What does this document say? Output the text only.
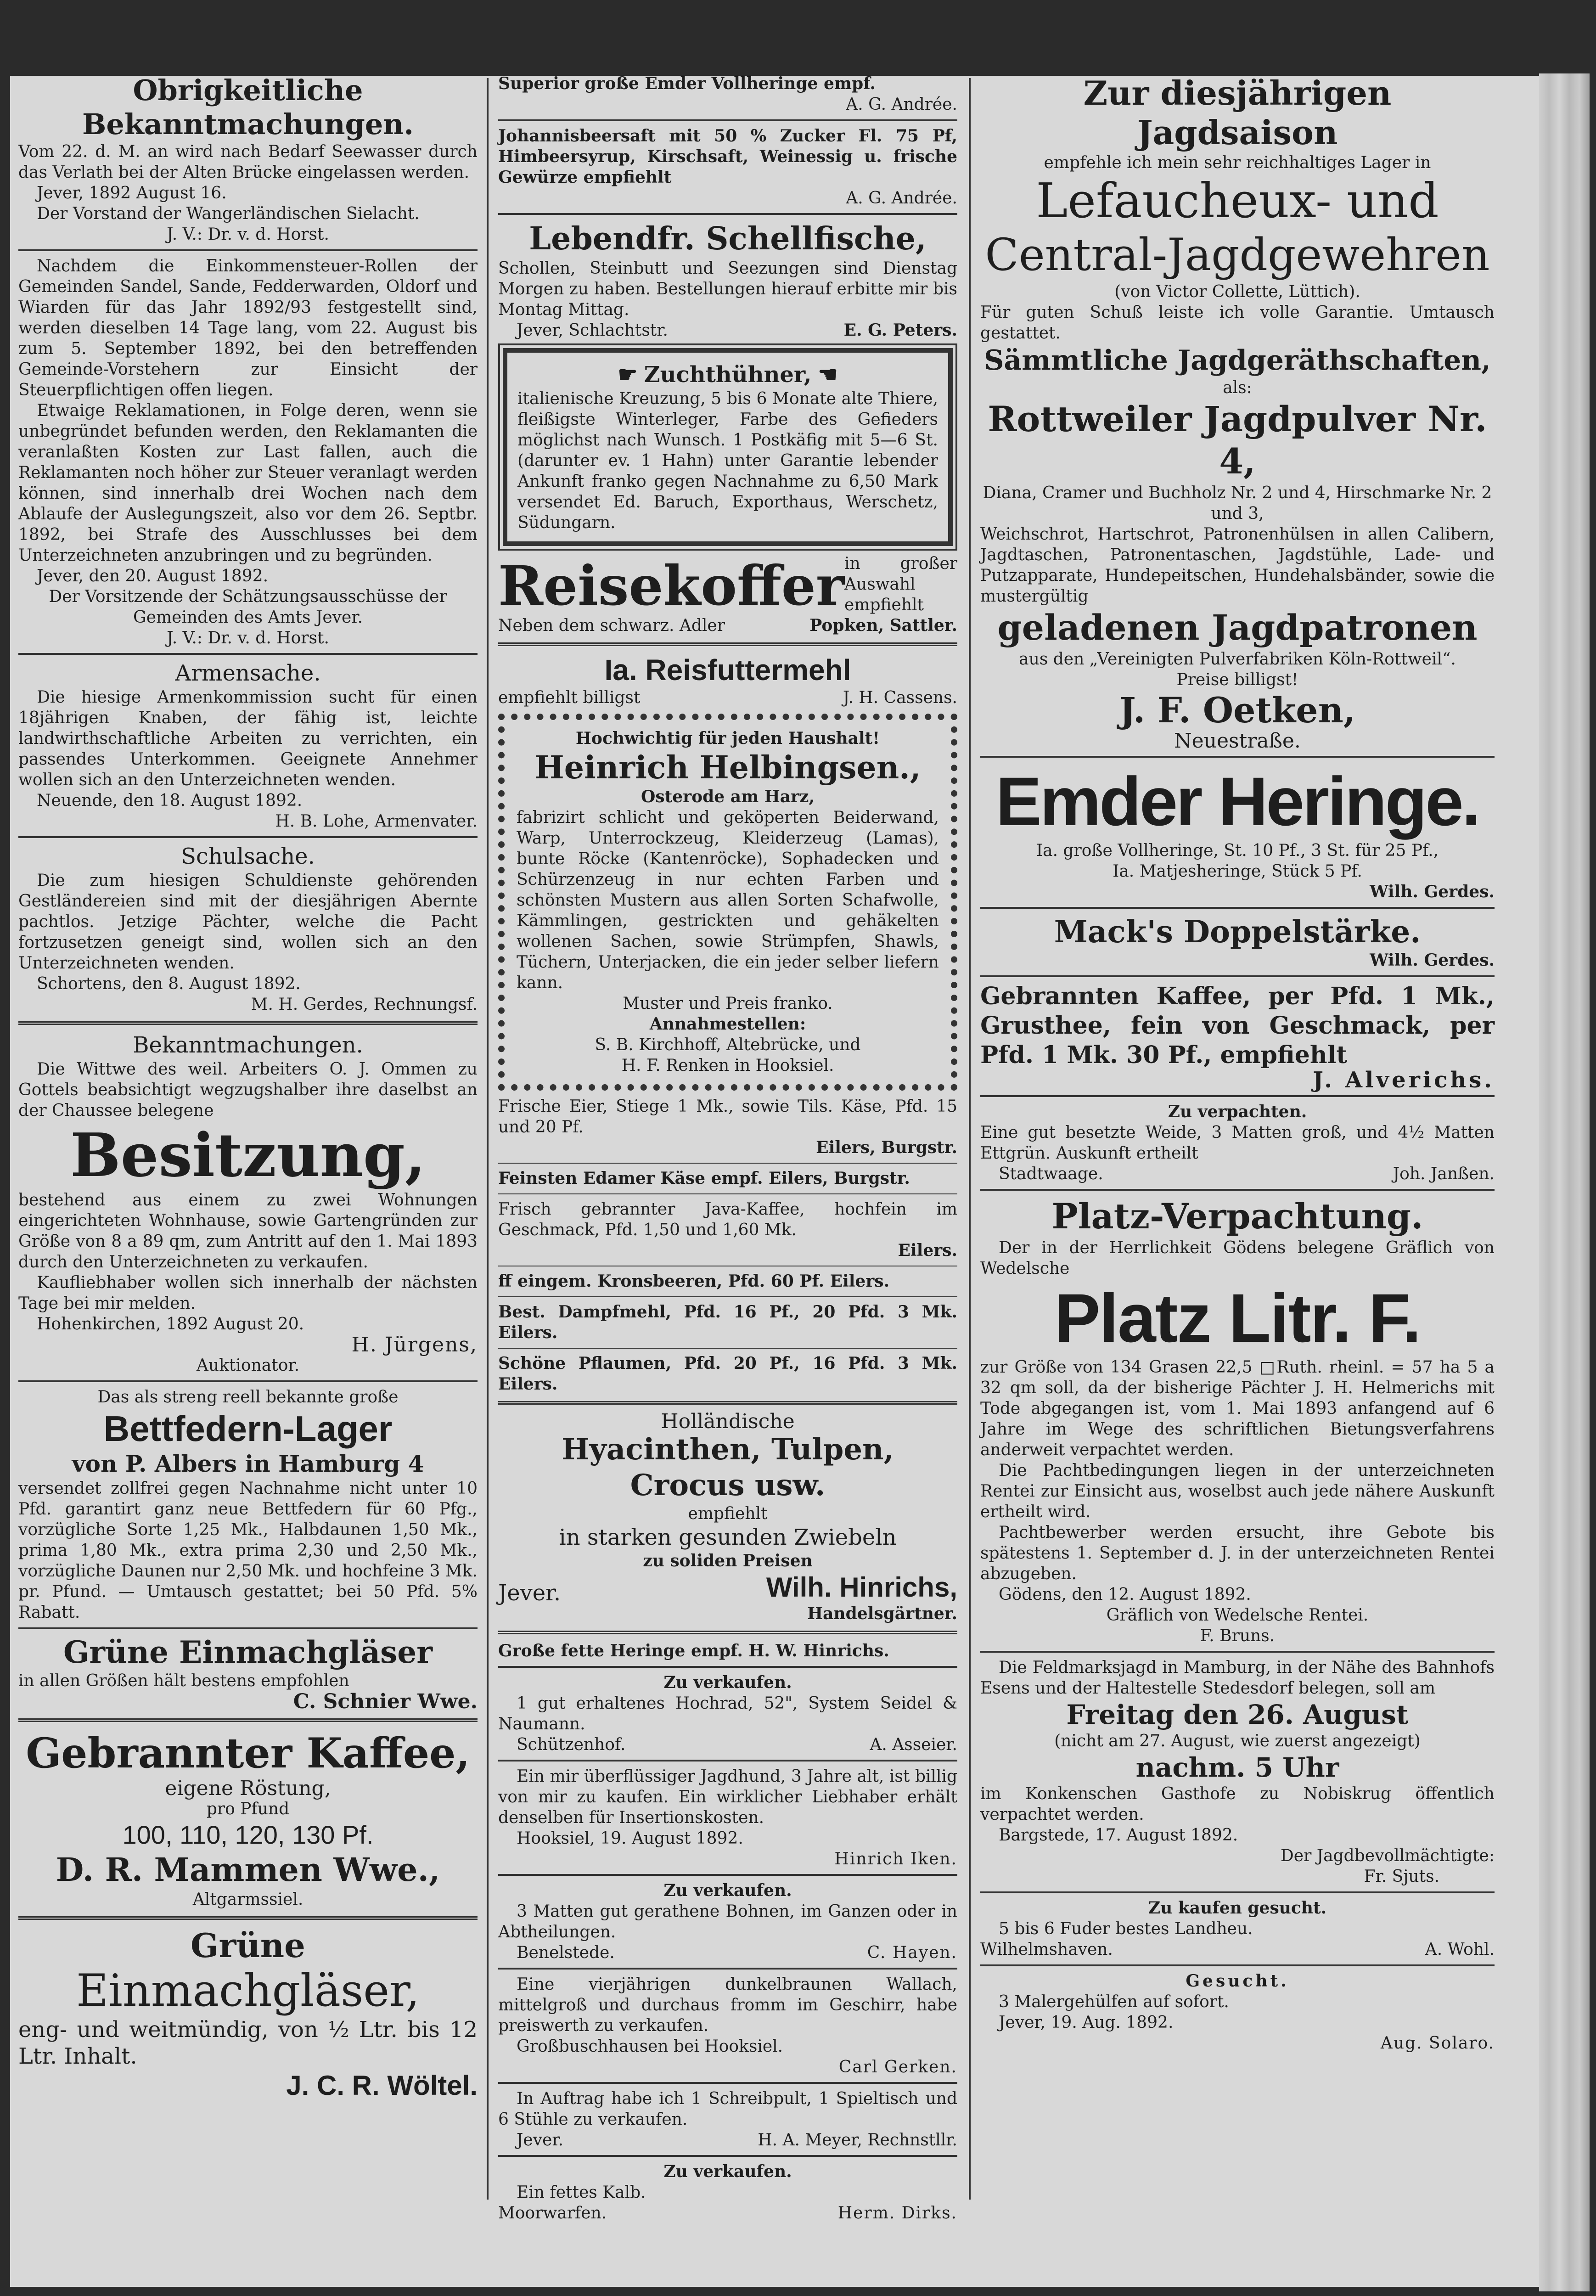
Obrigkeitliche Bekanntmachungen.
Vom 22. d. M. an wird nach Bedarf Seewasser durch das Verlath bei der Alten Brücke eingelassen werden.
Jever, 1892 August 16.
Der Vorstand der Wangerländischen Sielacht.
J. V.: Dr. v. d. Horst.
Nachdem die Einkommensteuer-Rollen der Gemeinden Sandel, Sande, Fedderwarden, Oldorf und Wiarden für das Jahr 1892/93 festgestellt sind, werden dieselben 14 Tage lang, vom 22. August bis zum 5. September 1892, bei den betreffenden Gemeinde-Vorstehern zur Einsicht der Steuerpflichtigen offen liegen.
Etwaige Reklamationen, in Folge deren, wenn sie unbegründet befunden werden, den Reklamanten die veranlaßten Kosten zur Last fallen, auch die Reklamanten noch höher zur Steuer veranlagt werden können, sind innerhalb drei Wochen nach dem Ablaufe der Auslegungszeit, also vor dem 26. Septbr. 1892, bei Strafe des Ausschlusses bei dem Unterzeichneten anzubringen und zu begründen.
Jever, den 20. August 1892.
Der Vorsitzende der Schätzungsausschüsse der Gemeinden des Amts Jever.
J. V.: Dr. v. d. Horst.
Armensache.
Die hiesige Armenkommission sucht für einen 18jährigen Knaben, der fähig ist, leichte landwirthschaftliche Arbeiten zu verrichten, ein passendes Unterkommen. Geeignete Annehmer wollen sich an den Unterzeichneten wenden.
Neuende, den 18. August 1892.
H. B. Lohe, Armenvater.
Schulsache.
Die zum hiesigen Schuldienste gehörenden Gestländereien sind mit der diesjährigen Aberntе pachtlos. Jetzige Pächter, welche die Pacht fortzusetzen geneigt sind, wollen sich an den Unterzeichneten wenden.
Schortens, den 8. August 1892.
M. H. Gerdes, Rechnungsf.
Bekanntmachungen.
Die Wittwe des weil. Arbeiters O. J. Ommen zu Gottels beabsichtigt wegzugshalber ihre daselbst an der Chaussee belegene
Besitzung,
bestehend aus einem zu zwei Wohnungen eingerichteten Wohnhause, sowie Gartengründen zur Größe von 8 a 89 qm, zum Antritt auf den 1. Mai 1893 durch den Unterzeichneten zu verkaufen.
Kaufliebhaber wollen sich innerhalb der nächsten Tage bei mir melden.
Hohenkirchen, 1892 August 20.
H. Jürgens,
Auktionator.
Das als streng reell bekannte große
Bettfedern-Lager
von P. Albers in Hamburg 4
versendet zollfrei gegen Nachnahme nicht unter 10 Pfd. garantirt ganz neue Bettfedern für 60 Pfg., vorzügliche Sorte 1,25 Mk., Halbdaunen 1,50 Mk., prima 1,80 Mk., extra prima 2,30 und 2,50 Mk., vorzügliche Daunen nur 2,50 Mk. und hochfeine 3 Mk. pr. Pfund. — Umtausch gestattet; bei 50 Pfd. 5% Rabatt.
Grüne Einmachgläser
in allen Größen hält bestens empfohlen
C. Schnier Wwe.
Gebrannter Kaffee,
eigene Röstung,
pro Pfund
100, 110, 120, 130 Pf.
D. R. Mammen Wwe.,
Altgarmssiel.
Grüne
Einmachgläser,
eng- und weitmündig, von ½ Ltr. bis 12 Ltr. Inhalt.
J. C. R. Wöltel.
Superior große Emder Vollheringe empf.
A. G. Andrée.
Johannisbeersaft mit 50 % Zucker Fl. 75 Pf, Himbeersyrup, Kirschsaft, Weinessig u. frische Gewürze empfiehlt
A. G. Andrée.
Lebendfr. Schellfische,
Schollen, Steinbutt und Seezungen sind Dienstag Morgen zu haben. Bestellungen hierauf erbitte mir bis Montag Mittag.
Jever, Schlachtstr.	E. G. Peters.
☛ Zuchthühner, ☚
italienische Kreuzung, 5 bis 6 Monate alte Thiere, fleißigste Winterleger, Farbe des Gefieders möglichst nach Wunsch. 1 Postkäfig mit 5—6 St. (darunter ev. 1 Hahn) unter Garantie lebender Ankunft franko gegen Nachnahme zu 6,50 Mark versendet Ed. Baruch, Exporthaus, Werschetz, Südungarn.
Reisekoffer in großer Auswahl empfiehlt
Neben dem schwarz. Adler	Popken, Sattler.
Ia. Reisfuttermehl
empfiehlt billigst	J. H. Cassens.
Hochwichtig für jeden Haushalt!
Heinrich Helbingsen.,
Osterode am Harz,
fabrizirt schlicht und geköperten Beiderwand, Warp, Unterrockzeug, Kleiderzeug (Lamas), bunte Röcke (Kantenröcke), Sophadecken und Schürzenzeug in nur echten Farben und schönsten Mustern aus allen Sorten Schafwolle, Kämmlingen, gestrickten und gehäkelten wollenen Sachen, sowie Strümpfen, Shawls, Tüchern, Unterjacken, die ein jeder selber liefern kann.
Muster und Preis franko.
Annahmestellen:
S. B. Kirchhoff, Altebrücke, und
H. F. Renken in Hooksiel.
Frische Eier, Stiege 1 Mk., sowie Tils. Käse, Pfd. 15 und 20 Pf.
Eilers, Burgstr.
Feinsten Edamer Käse empf. Eilers, Burgstr.
Frisch gebrannter Java-Kaffee, hochfein im Geschmack, Pfd. 1,50 und 1,60 Mk.
Eilers.
ff eingem. Kronsbeeren, Pfd. 60 Pf. Eilers.
Best. Dampfmehl, Pfd. 16 Pf., 20 Pfd. 3 Mk. Eilers.
Schöne Pflaumen, Pfd. 20 Pf., 16 Pfd. 3 Mk. Eilers.
Holländische
Hyacinthen, Tulpen,
Crocus usw.
empfiehlt
in starken gesunden Zwiebeln
zu soliden Preisen
Jever.	Wilh. Hinrichs,
Handelsgärtner.
Große fette Heringe empf. H. W. Hinrichs.
Zu verkaufen.
1 gut erhaltenes Hochrad, 52", System Seidel & Naumann.
Schützenhof.	A. Asseier.
Ein mir überflüssiger Jagdhund, 3 Jahre alt, ist billig von mir zu kaufen. Ein wirklicher Liebhaber erhält denselben für Insertionskosten.
Hooksiel, 19. August 1892.
Hinrich Iken.
Zu verkaufen.
3 Matten gut gerathene Bohnen, im Ganzen oder in Abtheilungen.
Benelstede.	C. Hayen.
Eine vierjährigen dunkelbraunen Wallach, mittelgroß und durchaus fromm im Geschirr, habe preiswerth zu verkaufen.
Großbuschhausen bei Hooksiel.
Carl Gerken.
In Auftrag habe ich 1 Schreibpult, 1 Spieltisch und 6 Stühle zu verkaufen.
Jever.	H. A. Meyer, Rechnstllr.
Zu verkaufen.
Ein fettes Kalb.
Moorwarfen.	Herm. Dirks.
Zur diesjährigen Jagdsaison
empfehle ich mein sehr reichhaltiges Lager in
Lefaucheux- und
Central-Jagdgewehren
(von Victor Collette, Lüttich).
Für guten Schuß leiste ich volle Garantie. Umtausch gestattet.
Sämmtliche Jagdgeräthschaften,
als:
Rottweiler Jagdpulver Nr. 4,
Diana, Cramer und Buchholz Nr. 2 und 4, Hirschmarke Nr. 2 und 3,
Weichschrot, Hartschrot, Patronenhülsen in allen Calibern, Jagdtaschen, Patronentaschen, Jagdstühle, Lade- und Putzapparate, Hundepeitschen, Hundehalsbänder, sowie die mustergültig
geladenen Jagdpatronen
aus den „Vereinigten Pulverfabriken Köln-Rottweil“.
Preise billigst!
J. F. Oetken,
Neuestraße.
Emder Heringe.
Ia. große Vollheringe, St. 10 Pf., 3 St. für 25 Pf.,
Ia. Matjesheringe, Stück 5 Pf.
Wilh. Gerdes.
Mack's Doppelstärke.
Wilh. Gerdes.
Gebrannten Kaffee, per Pfd. 1 Mk., Grusthee, fein von Geschmack, per Pfd. 1 Mk. 30 Pf., empfiehlt
J. Alverichs.
Zu verpachten.
Eine gut besetzte Weide, 3 Matten groß, und 4½ Matten Ettgrün. Auskunft ertheilt
Stadtwaage.	Joh. Janßen.
Platz-Verpachtung.
Der in der Herrlichkeit Gödens belegene Gräflich von Wedelsche
Platz Litr. F.
zur Größe von 134 Grasen 22,5 □Ruth. rheinl. = 57 ha 5 a 32 qm soll, da der bisherige Pächter J. H. Helmerichs mit Tode abgegangen ist, vom 1. Mai 1893 anfangend auf 6 Jahre im Wege des schriftlichen Bietungsverfahrens anderweit verpachtet werden.
Die Pachtbedingungen liegen in der unterzeichneten Rentei zur Einsicht aus, woselbst auch jede nähere Auskunft ertheilt wird.
Pachtbewerber werden ersucht, ihre Gebote bis spätestens 1. September d. J. in der unterzeichneten Rentei abzugeben.
Gödens, den 12. August 1892.
Gräflich von Wedelsche Rentei.
F. Bruns.
Die Feldmarksjagd in Mamburg, in der Nähe des Bahnhofs Esens und der Haltestelle Stedesdorf belegen, soll am
Freitag den 26. August
(nicht am 27. August, wie zuerst angezeigt)
nachm. 5 Uhr
im Konkenschen Gasthofe zu Nobiskrug öffentlich verpachtet werden.
Bargstede, 17. August 1892.
Der Jagdbevollmächtigte:
Fr. Sjuts.
Zu kaufen gesucht.
5 bis 6 Fuder bestes Landheu.
Wilhelmshaven.	A. Wohl.
Gesucht.
3 Malergehülfen auf sofort.
Jever, 19. Aug. 1892.
Aug. Solaro.
